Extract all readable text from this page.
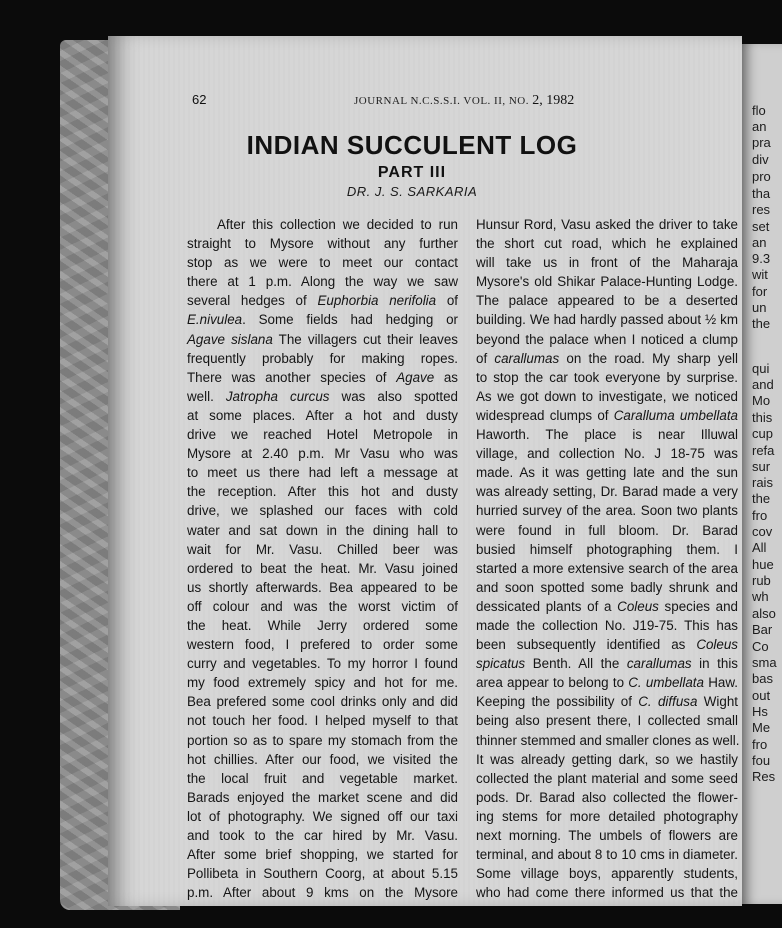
flo
an
pra
div
pro
tha
res
set
an
9.3
wit
for
un
the
qui
and
Mo
this
cup
refa
sur
rais
the
fro
cov
All
hue
rub
wh
also
Bar
Co
sma
bas
out
Hs
Me
fro
fou
Res
62	JOURNAL N.C.S.S.I. VOL. II, NO. 2, 1982
INDIAN SUCCULENT LOG
PART III
DR. J. S. SARKARIA
After this collection we decided to run
straight to Mysore without any further
stop as we were to meet our contact
there at 1 p.m. Along the way we saw
several hedges of Euphorbia nerifolia of
E.nivulea. Some fields had hedging or
Agave sislana The villagers cut their leaves
frequently probably for making ropes.
There was another species of Agave as
well. Jatropha curcus was also spotted
at some places. After a hot and dusty
drive we reached Hotel Metropole in
Mysore at 2.40 p.m. Mr Vasu who was
to meet us there had left a message at
the reception. After this hot and dusty
drive, we splashed our faces with cold
water and sat down in the dining hall to
wait for Mr. Vasu. Chilled beer was
ordered to beat the heat. Mr. Vasu joined
us shortly afterwards. Bea appeared to be
off colour and was the worst victim of
the heat. While Jerry ordered some
western food, I prefered to order some
curry and vegetables. To my horror I found
my food extremely spicy and hot for me.
Bea prefered some cool drinks only and did
not touch her food. I helped myself to that
portion so as to spare my stomach from the
hot chillies. After our food, we visited the
the local fruit and vegetable market.
Barads enjoyed the market scene and did
lot of photography. We signed off our taxi
and took to the car hired by Mr. Vasu.
After some brief shopping, we started for
Pollibeta in Southern Coorg, at about 5.15
p.m. After about 9 kms on the Mysore
Hunsur Rord, Vasu asked the driver to take
the short cut road, which he explained
will take us in front of the Maharaja
Mysore's old Shikar Palace-Hunting Lodge.
The palace appeared to be a deserted
building. We had hardly passed about ½ km
beyond the palace when I noticed a clump
of carallumas on the road. My sharp yell
to stop the car took everyone by surprise.
As we got down to investigate, we noticed
widespread clumps of Caralluma umbellata
Haworth. The place is near Illuwal
village, and collection No. J 18-75 was
made. As it was getting late and the sun
was already setting, Dr. Barad made a very
hurried survey of the area. Soon two plants
were found in full bloom. Dr. Barad
busied himself photographing them. I
started a more extensive search of the area
and soon spotted some badly shrunk and
dessicated plants of a Coleus species and
made the collection No. J19-75. This has
been subsequently identified as Coleus
spicatus Benth. All the carallumas in this
area appear to belong to C. umbellata Haw.
Keeping the possibility of C. diffusa Wight
being also present there, I collected small
thinner stemmed and smaller clones as well.
It was already getting dark, so we hastily
collected the plant material and some seed
pods. Dr. Barad also collected the flower-
ing stems for more detailed photography
next morning. The umbels of flowers are
terminal, and about 8 to 10 cms in diameter.
Some village boys, apparently students,
who had come there informed us that the
